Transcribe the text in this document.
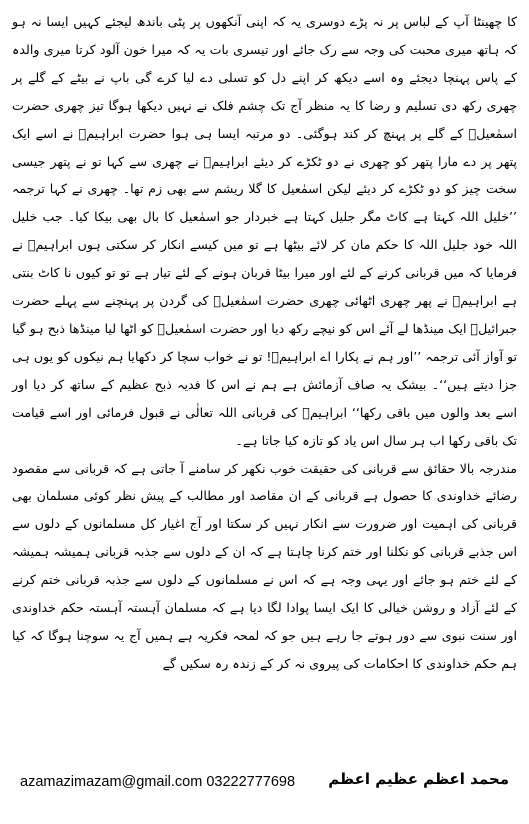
کا چھینٹا آپ کے لباس پر نہ پڑے دوسری یہ کہ اپنی آنکھوں پر پٹی باندھ لیجئے کہیں ایسا نہ ہو کہ ہاتھ میری محبت کی وجہ سے رک جائے اور تیسری بات یہ کہ میرا خون آلود کرتا میری والدہ کے پاس پہنچا دیجئے وہ اسے دیکھ کر اپنے دل کو تسلی دے لیا کرے گی باپ نے بیٹے کے گلے پر چھری رکھ دی تسلیم و رضا کا یہ منظر آج تک چشم فلک نے نہیں دیکھا ہوگا تیز چھری حضرت اسمٰعیلؑ کے گلے پر پہنچ کر کند ہوگئی۔ دو مرتبہ ایسا ہی ہوا حضرت ابراہیمؑ نے اسے ایک پتھر پر دے مارا پتھر کو چھری نے دو ٹکڑے کر دیئے ابراہیمؑ نے چھری سے کہا تو نے پتھر جیسی سخت چیز کو دو ٹکڑے کر دیئے لیکن اسمٰعیل کا گلا ریشم سے بھی زم تھا۔ چھری نے کہا ترجمہ ’’خلیل اللہ کہتا ہے کاٹ مگر جلیل کہتا ہے خبردار جو اسمٰعیل کا بال بھی بیکا کیا۔ جب خلیل اللہ خود جلیل اللہ کا حکم مان کر لائے بیٹھا ہے تو میں کیسے انکار کر سکتی ہوں ابراہیمؑ نے فرمایا کہ میں قربانی کرنے کے لئے اور میرا بیٹا قربان ہونے کے لئے تیار ہے تو تو کیوں نا کاٹ بنتی ہے ابراہیمؑ نے پھر چھری اٹھائی چھری حضرت اسمٰعیلؑ کی گردن پر پہنچنے سے پہلے حضرت جبرائیلؑ ایک مینڈھا لے آئے اس کو نیچے رکھ دیا اور حضرت اسمٰعیلؑ کو اٹھا لیا مینڈھا ذبح ہو گیا تو آواز آئی ترجمہ ’’اور ہم نے پکارا اے ابراہیمؑ! تو نے خواب سچا کر دکھایا ہم نیکوں کو یوں ہی جزا دیتے ہیں‘‘۔ بیشک یہ صاف آزمائش ہے ہم نے اس کا فدیہ ذبح عظیم کے ساتھ کر دیا اور اسے بعد والوں میں باقی رکھا‘‘ ابراہیمؑ کی قربانی اللہ تعالٰی نے قبول فرمائی اور اسے قیامت تک باقی رکھا اب ہر سال اس یاد کو تازہ کیا جاتا ہے۔

مندرجہ بالا حقائق سے قربانی کی حقیقت خوب نکھر کر سامنے آ جاتی ہے کہ قربانی سے مقصود رضائے خداوندی کا حصول ہے قربانی کے ان مقاصد اور مطالب کے پیش نظر کوئی مسلمان بھی قربانی کی اہمیت اور ضرورت سے انکار نہیں کر سکتا اور آج اغیار کل مسلمانوں کے دلوں سے اس جذبے قربانی کو نکلنا اور ختم کرنا چاہتا ہے کہ ان کے دلوں سے جذبہ قربانی ہمیشہ ہمیشہ کے لئے ختم ہو جائے اور یہی وجہ ہے کہ اس نے مسلمانوں کے دلوں سے جذبہ قربانی ختم کرنے کے لئے آزاد و روشن خیالی کا ایک ایسا پوادا لگا دیا ہے کہ مسلمان آہستہ آہستہ حکم خداوندی اور سنت نبوی سے دور ہوتے جا رہے ہیں جو کہ لمحہ فکریہ ہے ہمیں آج یہ سوچنا ہوگا کہ کیا ہم حکم خداوندی کا احکامات کی پیروی نہ کر کے زندہ رہ سکیں گے

azamazimazam@gmail.com 03222777698 محمد اعظم عظیم اعظم
